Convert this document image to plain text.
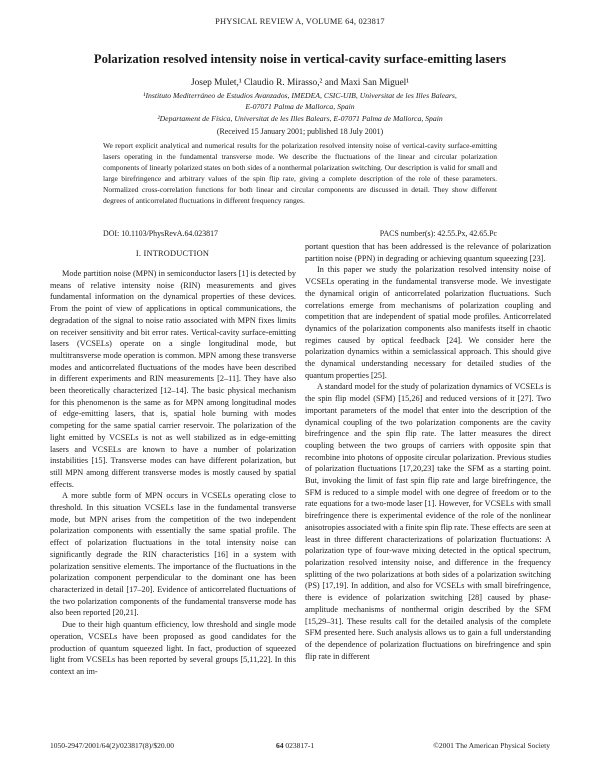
PHYSICAL REVIEW A, VOLUME 64, 023817
Polarization resolved intensity noise in vertical-cavity surface-emitting lasers
Josep Mulet,¹ Claudio R. Mirasso,² and Maxi San Miguel¹
¹Instituto Mediterráneo de Estudios Avanzados, IMEDEA, CSIC-UIB, Universitat de les Illes Balears,
E-07071 Palma de Mallorca, Spain
²Departament de Física, Universitat de les Illes Balears, E-07071 Palma de Mallorca, Spain
(Received 15 January 2001; published 18 July 2001)
We report explicit analytical and numerical results for the polarization resolved intensity noise of vertical-cavity surface-emitting lasers operating in the fundamental transverse mode. We describe the fluctuations of the linear and circular polarization components of linearly polarized states on both sides of a nonthermal polarization switching. Our description is valid for small and large birefringence and arbitrary values of the spin flip rate, giving a complete description of the role of these parameters. Normalized cross-correlation functions for both linear and circular components are discussed in detail. They show different degrees of anticorrelated fluctuations in different frequency ranges.
DOI: 10.1103/PhysRevA.64.023817	PACS number(s): 42.55.Px, 42.65.Pc
I. INTRODUCTION

Mode partition noise (MPN) in semiconductor lasers [1] is detected by means of relative intensity noise (RIN) measurements and gives fundamental information on the dynamical properties of these devices. From the point of view of applications in optical communications, the degradation of the signal to noise ratio associated with MPN fixes limits on receiver sensitivity and bit error rates. Vertical-cavity surface-emitting lasers (VCSELs) operate on a single longitudinal mode, but multitransverse mode operation is common. MPN among these transverse modes and anticorrelated fluctuations of the modes have been described in different experiments and RIN measurements [2–11]. They have also been theoretically characterized [12–14]. The basic physical mechanism for this phenomenon is the same as for MPN among longitudinal modes of edge-emitting lasers, that is, spatial hole burning with modes competing for the same spatial carrier reservoir. The polarization of the light emitted by VCSELs is not as well stabilized as in edge-emitting lasers and VCSELs are known to have a number of polarization instabilities [15]. Transverse modes can have different polarization, but still MPN among different transverse modes is mostly caused by spatial effects.

A more subtle form of MPN occurs in VCSELs operating close to threshold. In this situation VCSELs lase in the fundamental transverse mode, but MPN arises from the competition of the two independent polarization components with essentially the same spatial profile. The effect of polarization fluctuations in the total intensity noise can significantly degrade the RIN characteristics [16] in a system with polarization sensitive elements. The importance of the fluctuations in the polarization component perpendicular to the dominant one has been characterized in detail [17–20]. Evidence of anticorrelated fluctuations of the two polarization components of the fundamental transverse mode has also been reported [20,21].

Due to their high quantum efficiency, low threshold and single mode operation, VCSELs have been proposed as good candidates for the production of quantum squeezed light. In fact, production of squeezed light from VCSELs has been reported by several groups [5,11,22]. In this context an im-

portant question that has been addressed is the relevance of polarization partition noise (PPN) in degrading or achieving quantum squeezing [23].

In this paper we study the polarization resolved intensity noise of VCSELs operating in the fundamental transverse mode. We investigate the dynamical origin of anticorrelated polarization fluctuations. Such correlations emerge from mechanisms of polarization coupling and competition that are independent of spatial mode profiles. Anticorrelated dynamics of the polarization components also manifests itself in chaotic regimes caused by optical feedback [24]. We consider here the polarization dynamics within a semiclassical approach. This should give the dynamical understanding necessary for detailed studies of the quantum properties [25].

A standard model for the study of polarization dynamics of VCSELs is the spin flip model (SFM) [15,26] and reduced versions of it [27]. Two important parameters of the model that enter into the description of the dynamical coupling of the two polarization components are the cavity birefringence and the spin flip rate. The latter measures the direct coupling between the two groups of carriers with opposite spin that recombine into photons of opposite circular polarization. Previous studies of polarization fluctuations [17,20,23] take the SFM as a starting point. But, invoking the limit of fast spin flip rate and large birefringence, the SFM is reduced to a simple model with one degree of freedom or to the rate equations for a two-mode laser [1]. However, for VCSELs with small birefringence there is experimental evidence of the role of the nonlinear anisotropies associated with a finite spin flip rate. These effects are seen at least in three different characterizations of polarization fluctuations: A polarization type of four-wave mixing detected in the optical spectrum, polarization resolved intensity noise, and difference in the frequency splitting of the two polarizations at both sides of a polarization switching (PS) [17,19]. In addition, and also for VCSELs with small birefringence, there is evidence of polarization switching [28] caused by phase-amplitude mechanisms of nonthermal origin described by the SFM [15,29–31]. These results call for the detailed analysis of the complete SFM presented here. Such analysis allows us to gain a full understanding of the dependence of polarization fluctuations on birefringence and spin flip rate in different

1050-2947/2001/64(2)/023817(8)/$20.00	64 023817-1	©2001 The American Physical Society
